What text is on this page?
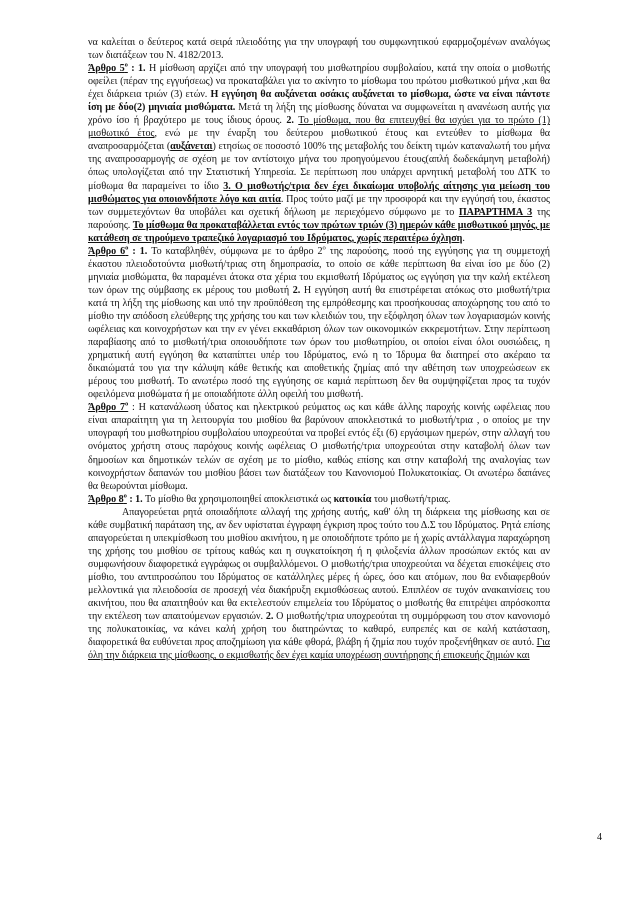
να καλείται ο δεύτερος κατά σειρά πλειοδότης για την υπογραφή του συμφωνητικού εφαρμοζομένων αναλόγως των διατάξεων του Ν. 4182/2013.

Άρθρο $5^o$ : 1. Η μίσθωση αρχίζει από την υπογραφή του μισθωτηρίου συμβολαίου, κατά την οποία ο μισθωτής οφείλει (πέραν της εγγυήσεως) να προκαταβάλει για το ακίνητο το μίσθωμα του πρώτου μισθωτικού μήνα ,και θα έχει διάρκεια τριών (3) ετών. Η εγγύηση θα αυξάνεται οσάκις αυξάνεται το μίσθωμα, ώστε να είναι πάντοτε ίση με δύο(2) μηνιαία μισθώματα. Μετά τη λήξη της μίσθωσης δύναται να συμφωνείται η ανανέωση αυτής για χρόνο ίσο ή βραχύτερο με τους ίδιους όρους. 2. Το μίσθωμα, που θα επιτευχθεί θα ισχύει για το πρώτο (1) μισθωτικό έτος, ενώ με την έναρξη του δεύτερου μισθωτικού έτους και εντεύθεν το μίσθωμα θα αναπροσαρμόζεται (αυξάνεται) ετησίως σε ποσοστό 100% της μεταβολής του δείκτη τιμών καταναλωτή του μήνα της αναπροσαρμογής σε σχέση με τον αντίστοιχο μήνα του προηγούμενου έτους(απλή δωδεκάμηνη μεταβολή) όπως υπολογίζεται από την Στατιστική Υπηρεσία. Σε περίπτωση που υπάρχει αρνητική μεταβολή του ΔΤΚ το μίσθωμα θα παραμείνει το ίδιο 3. Ο μισθωτής/τρια δεν έχει δικαίωμα υποβολής αίτησης για μείωση του μισθώματος για οποιονδήποτε λόγο και αιτία. Προς τούτο μαζί με την προσφορά και την εγγύησή του, έκαστος των συμμετεχόντων θα υποβάλει και σχετική δήλωση με περιεχόμενο σύμφωνο με το ΠΑΡΑΡΤΗΜΑ 3 της παρούσης. Το μίσθωμα θα προκαταβάλλεται εντός των πρώτων τριών (3) ημερών κάθε μισθωτικού μηνός, με κατάθεση σε τηρούμενο τραπεζικό λογαριασμό του Ιδρύματος, χωρίς περαιτέρω όχληση.

Άρθρο $6^o$ : 1. Το καταβληθέν, σύμφωνα με το άρθρο $2^o$ της παρούσης, ποσό της εγγύησης για τη συμμετοχή έκαστου πλειοδοτούντα μισθωτή/τριας στη δημοπρασία, το οποίο σε κάθε περίπτωση θα είναι ίσο με δύο (2) μηνιαία μισθώματα, θα παραμένει άτοκα στα χέρια του εκμισθωτή Ιδρύματος ως εγγύηση για την καλή εκτέλεση των όρων της σύμβασης εκ μέρους του μισθωτή 2. Η εγγύηση αυτή θα επιστρέφεται ατόκως στο μισθωτή/τρια κατά τη λήξη της μίσθωσης και υπό την προϋπόθεση της εμπρόθεσμης και προσήκουσας αποχώρησης του από το μίσθιο την απόδοση ελεύθερης της χρήσης του και των κλειδιών του, την εξόφληση όλων των λογαριασμών κοινής ωφέλειας και κοινοχρήστων και την εν γένει εκκαθάριση όλων των οικονομικών εκκρεμοτήτων. Στην περίπτωση παραβίασης από το μισθωτή/τρια οποιουδήποτε των όρων του μισθωτηρίου, οι οποίοι είναι όλοι ουσιώδεις, η χρηματική αυτή εγγύηση θα καταπίπτει υπέρ του Ιδρύματος, ενώ η το Ίδρυμα θα διατηρεί στο ακέραιο τα δικαιώματά του για την κάλυψη κάθε θετικής και αποθετικής ζημίας από την αθέτηση των υποχρεώσεων εκ μέρους του μισθωτή. Το ανωτέρω ποσό της εγγύησης σε καμιά περίπτωση δεν θα συμψηφίζεται προς τα τυχόν οφειλόμενα μισθώματα ή με οποιαδήποτε άλλη οφειλή του μισθωτή.

Άρθρο $7^o$ : Η κατανάλωση ύδατος και ηλεκτρικού ρεύματος ως και κάθε άλλης παροχής κοινής ωφέλειας που είναι απαραίτητη για τη λειτουργία του μισθίου θα βαρύνουν αποκλειστικά το μισθωτή/τρια , ο οποίος με την υπογραφή του μισθωτηρίου συμβολαίου υποχρεούται να προβεί εντός έξι (6) εργάσιμων ημερών, στην αλλαγή του ονόματος χρήστη στους παρόχους κοινής ωφέλειας Ο μισθωτής/τρια υποχρεούται στην καταβολή όλων των δημοσίων και δημοτικών τελών σε σχέση με το μίσθιο, καθώς επίσης και στην καταβολή της αναλογίας των κοινοχρήστων δαπανών του μισθίου βάσει των διατάξεων του Κανονισμού Πολυκατοικίας. Οι ανωτέρω δαπάνες θα θεωρούνται μίσθωμα.

Άρθρο $8^o$ : 1. Το μίσθιο θα χρησιμοποιηθεί αποκλειστικά ως κατοικία του μισθωτή/τριας.

Απαγορεύεται ρητά οποιαδήποτε αλλαγή της χρήσης αυτής, καθ' όλη τη διάρκεια της μίσθωσης και σε κάθε συμβατική παράταση της, αν δεν υφίσταται έγγραφη έγκριση προς τούτο του Δ.Σ του Ιδρύματος. Ρητά επίσης απαγορεύεται η υπεκμίσθωση του μισθίου ακινήτου, η με οποιοδήποτε τρόπο με ή χωρίς αντάλλαγμα παραχώρηση της χρήσης του μισθίου σε τρίτους καθώς και η συγκατοίκηση ή η φιλοξενία άλλων προσώπων εκτός και αν συμφωνήσουν διαφορετικά εγγράφως οι συμβαλλόμενοι. Ο μισθωτής/τρια υποχρεούται να δέχεται επισκέψεις στο μίσθιο, του αντιπροσώπου του Ιδρύματος σε κατάλληλες μέρες ή ώρες, όσο και ατόμων, που θα ενδιαφερθούν μελλοντικά για πλειοδοσία σε προσεχή νέα διακήρυξη εκμισθώσεως αυτού. Επιπλέον σε τυχόν ανακαινίσεις του ακινήτου, που θα απαιτηθούν και θα εκτελεστούν επιμελεία του Ιδρύματος ο μισθωτής θα επιτρέψει απρόσκοπτα την εκτέλεση των απαιτούμενων εργασιών. 2. Ο μισθωτής/τρια υποχρεούται τη συμμόρφωση του στον κανονισμό της πολυκατοικίας, να κάνει καλή χρήση του διατηρώντας το καθαρό, ευπρεπές και σε καλή κατάσταση, διαφορετικά θα ευθύνεται προς αποζημίωση για κάθε φθορά, βλάβη ή ζημία που τυχόν προξενήθηκαν σε αυτό. Για όλη την διάρκεια της μίσθωσης, ο εκμισθωτής δεν έχει καμία υποχρέωση συντήρησης ή επισκευής ζημιών και

4
